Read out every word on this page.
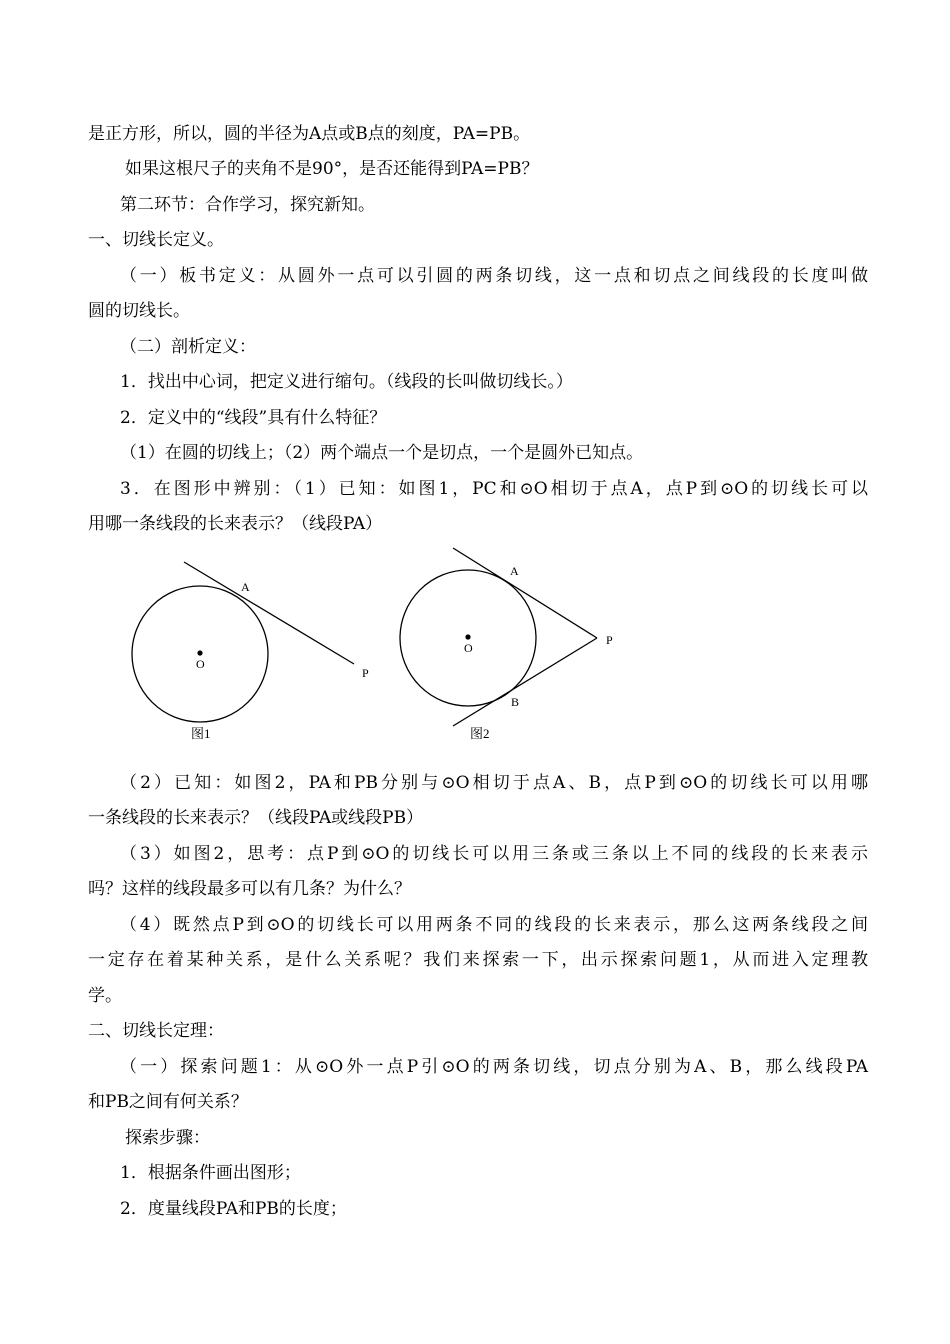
是正方形，所以，圆的半径为A点或B点的刻度，PA=PB。
如果这根尺子的夹角不是90°，是否还能得到PA=PB？
第二环节：合作学习，探究新知。
一、切线长定义。
（一）板书定义：从圆外一点可以引圆的两条切线，这一点和切点之间线段的长度叫做
圆的切线长。
（二）剖析定义：
1．找出中心词，把定义进行缩句。（线段的长叫做切线长。）
2．定义中的“线段”具有什么特征？
（1）在圆的切线上；（2）两个端点一个是切点，一个是圆外已知点。
3．在图形中辨别：（1）已知：如图1，PC和⊙O相切于点A，点P到⊙O的切线长可以
用哪一条线段的长来表示？（线段PA）
O
A
P
图1
O
A
B
P
图2
（2）已知：如图2，PA和PB分别与⊙O相切于点A、B，点P到⊙O的切线长可以用哪
一条线段的长来表示？（线段PA或线段PB）
（3）如图2，思考：点P到⊙O的切线长可以用三条或三条以上不同的线段的长来表示
吗？这样的线段最多可以有几条？为什么？
（4）既然点P到⊙O的切线长可以用两条不同的线段的长来表示，那么这两条线段之间
一定存在着某种关系，是什么关系呢？我们来探索一下，出示探索问题1，从而进入定理教
学。
二、切线长定理：
（一）探索问题1：从⊙O外一点P引⊙O的两条切线，切点分别为A、B，那么线段PA
和PB之间有何关系？
探索步骤：
1．根据条件画出图形；
2．度量线段PA和PB的长度；
